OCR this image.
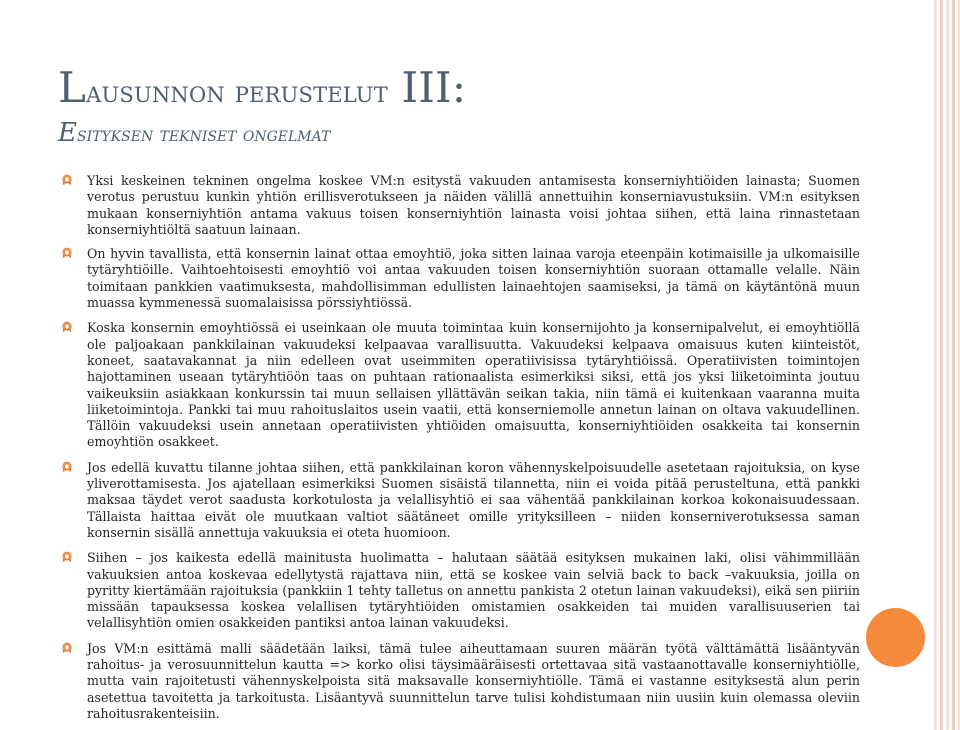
Lausunnon perustelut III:
Esityksen tekniset ongelmat
Yksi keskeinen tekninen ongelma koskee VM:n esitystä vakuuden antamisesta konserniyhtiöiden lainasta; Suomen verotus perustuu kunkin yhtiön erillisverotukseen ja näiden välillä annettuihin konserniavustuksiin. VM:n esityksen mukaan konserniyhtiön antama vakuus toisen konserniyhtiön lainasta voisi johtaa siihen, että laina rinnastetaan konserniyhtiöltä saatuun lainaan.
On hyvin tavallista, että konsernin lainat ottaa emoyhtiö, joka sitten lainaa varoja eteenpäin kotimaisille ja ulkomaisille tytäryhtiöille. Vaihtoehtoisesti emoyhtiö voi antaa vakuuden toisen konserniyhtiön suoraan ottamalle velalle. Näin toimitaan pankkien vaatimuksesta, mahdollisimman edullisten lainaehtojen saamiseksi, ja tämä on käytäntönä muun muassa kymmenessä suomalaisissa pörssiyhtiössä.
Koska konsernin emoyhtiössä ei useinkaan ole muuta toimintaa kuin konsernijohto ja konsernipalvelut, ei emoyhtiöllä ole paljoakaan pankkilainan vakuudeksi kelpaavaa varallisuutta. Vakuudeksi kelpaava omaisuus kuten kiinteistöt, koneet, saatavakannat ja niin edelleen ovat useimmiten operatiivisissa tytäryhtiöissä. Operatiivisten toimintojen hajottaminen useaan tytäryhtiöön taas on puhtaan rationaalista esimerkiksi siksi, että jos yksi liiketoiminta joutuu vaikeuksiin asiakkaan konkurssin tai muun sellaisen yllättävän seikan takia, niin tämä ei kuitenkaan vaaranna muita liiketoimintoja. Pankki tai muu rahoituslaitos usein vaatii, että konserniemolle annetun lainan on oltava vakuudellinen. Tällöin vakuudeksi usein annetaan operatiivisten yhtiöiden omaisuutta, konserniyhtiöiden osakkeita tai konsernin emoyhtiön osakkeet.
Jos edellä kuvattu tilanne johtaa siihen, että pankkilainan koron vähennyskelpoisuudelle asetetaan rajoituksia, on kyse yliverottamisesta. Jos ajatellaan esimerkiksi Suomen sisäistä tilannetta, niin ei voida pitää perusteltuna, että pankki maksaa täydet verot saadusta korkotulosta ja velallisyhtiö ei saa vähentää pankkilainan korkoa kokonaisuudessaan. Tällaista haittaa eivät ole muutkaan valtiot säätäneet omille yrityksilleen – niiden konserniverotuksessa saman konsernin sisällä annettuja vakuuksia ei oteta huomioon.
Siihen – jos kaikesta edellä mainitusta huolimatta – halutaan säätää esityksen mukainen laki, olisi vähimmillään vakuuksien antoa koskevaa edellytystä rajattava niin, että se koskee vain selviä back to back –vakuuksia, joilla on pyritty kiertämään rajoituksia (pankkiin 1 tehty talletus on annettu pankista 2 otetun lainan vakuudeksi), eikä sen piiriin missään tapauksessa koskea velallisen tytäryhtiöiden omistamien osakkeiden tai muiden varallisuuserien tai velallisyhtiön omien osakkeiden pantiksi antoa lainan vakuudeksi.
Jos VM:n esittämä malli säädetään laiksi, tämä tulee aiheuttamaan suuren määrän työtä välttämättä lisääntyvän rahoitus- ja verosuunnittelun kautta => korko olisi täysimääräisesti ortettavaa sitä vastaanottavalle konserniyhtiölle, mutta vain rajoitetusti vähennyskelpoista sitä maksavalle konserniyhtiölle. Tämä ei vastanne esityksestä alun perin asetettua tavoitetta ja tarkoitusta. Lisäantyvä suunnittelun tarve tulisi kohdistumaan niin uusiin kuin olemassa oleviin rahoitusrakenteisiin.
